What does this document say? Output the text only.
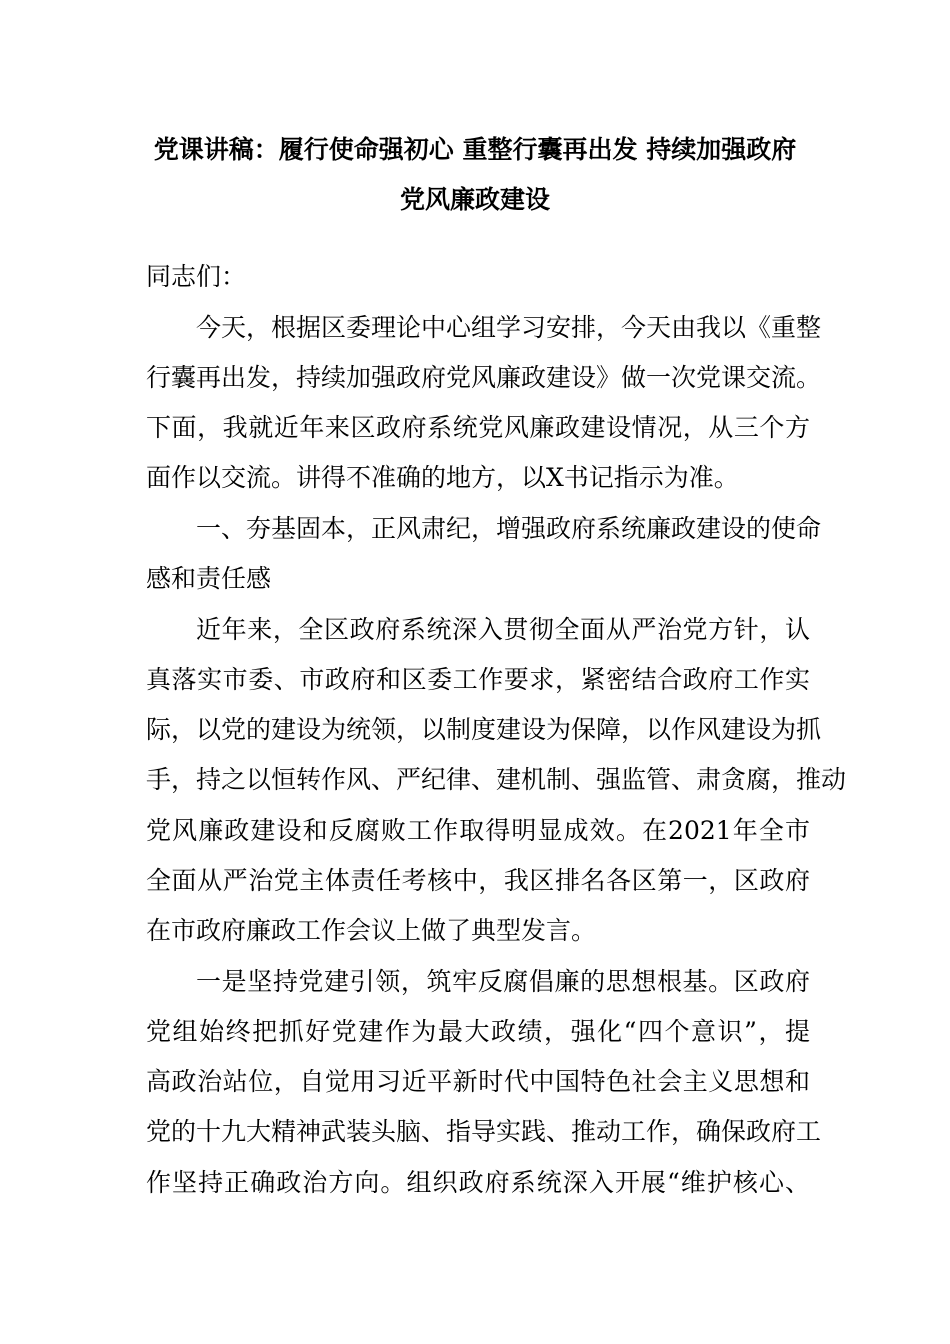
党课讲稿：履行使命强初心 重整行囊再出发 持续加强政府
党风廉政建设
同志们：
今天，根据区委理论中心组学习安排，今天由我以《重整
行囊再出发，持续加强政府党风廉政建设》做一次党课交流。
下面，我就近年来区政府系统党风廉政建设情况，从三个方
面作以交流。讲得不准确的地方，以X书记指示为准。
一、夯基固本，正风肃纪，增强政府系统廉政建设的使命
感和责任感
近年来，全区政府系统深入贯彻全面从严治党方针，认
真落实市委、市政府和区委工作要求，紧密结合政府工作实
际，以党的建设为统领，以制度建设为保障，以作风建设为抓
手，持之以恒转作风、严纪律、建机制、强监管、肃贪腐，推动
党风廉政建设和反腐败工作取得明显成效。在2021年全市
全面从严治党主体责任考核中，我区排名各区第一，区政府
在市政府廉政工作会议上做了典型发言。
一是坚持党建引领，筑牢反腐倡廉的思想根基。区政府
党组始终把抓好党建作为最大政绩，强化“四个意识”，提
高政治站位，自觉用习近平新时代中国特色社会主义思想和
党的十九大精神武装头脑、指导实践、推动工作，确保政府工
作坚持正确政治方向。组织政府系统深入开展“维护核心、
